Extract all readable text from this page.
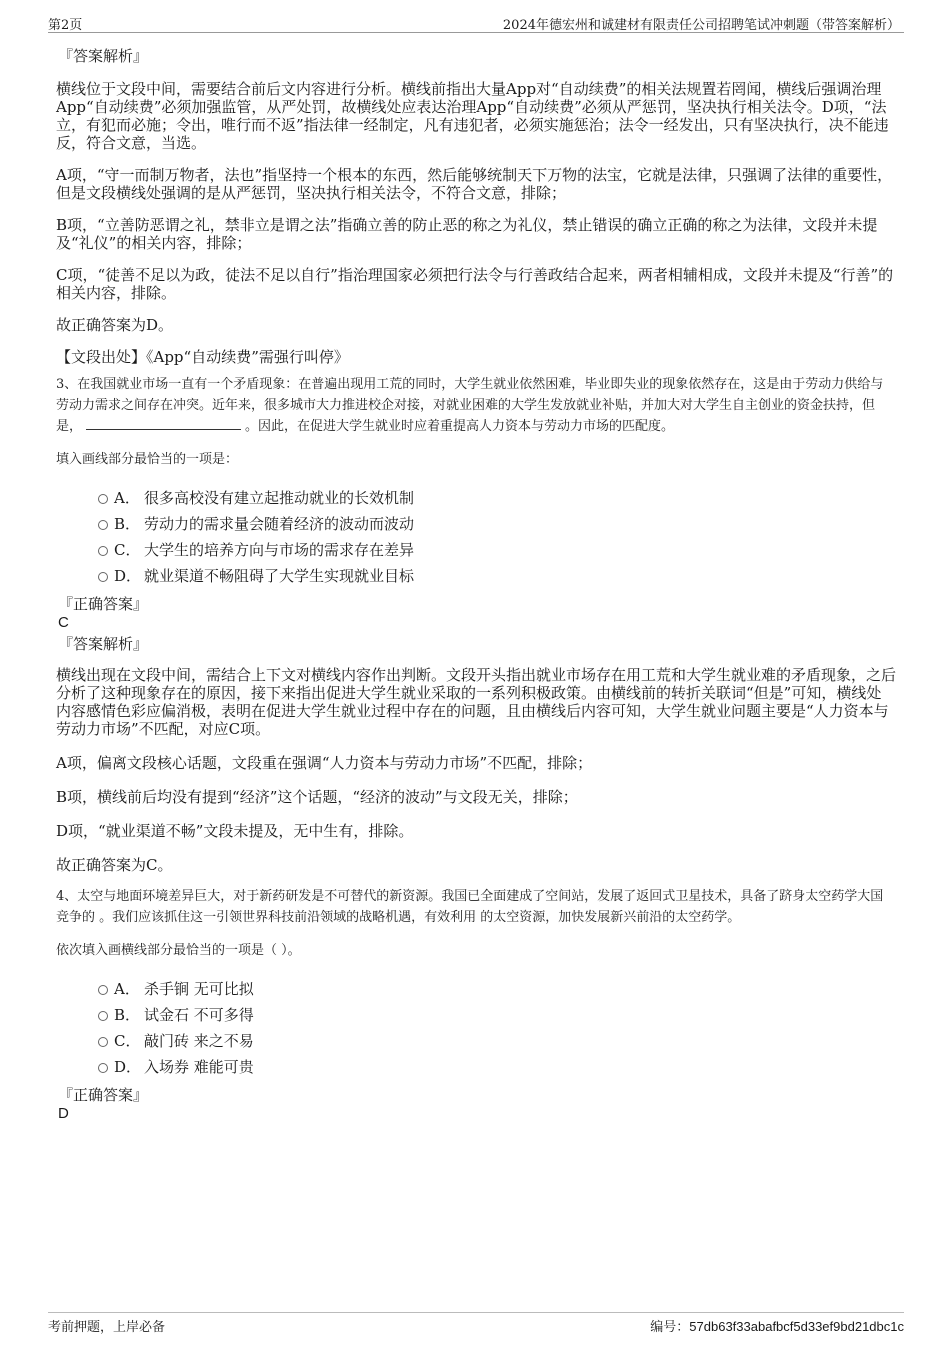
第2页	2024年德宏州和诚建材有限责任公司招聘笔试冲刺题（带答案解析）
『答案解析』

横线位于文段中间，需要结合前后文内容进行分析。横线前指出大量App对“自动续费”的相关法规置若罔闻，横线后强调治理App“自动续费”必须加强监管，从严处罚，故横线处应表达治理App“自动续费”必须从严惩罚，坚决执行相关法令。D项，“法立，有犯而必施；令出，唯行而不返”指法律一经制定，凡有违犯者，必须实施惩治；法令一经发出，只有坚决执行，决不能违反，符合文意，当选。

A项，“守一而制万物者，法也”指坚持一个根本的东西，然后能够统制天下万物的法宝，它就是法律，只强调了法律的重要性，但是文段横线处强调的是从严惩罚，坚决执行相关法令，不符合文意，排除；

B项，“立善防恶谓之礼，禁非立是谓之法”指确立善的防止恶的称之为礼仪，禁止错误的确立正确的称之为法律，文段并未提及“礼仪”的相关内容，排除；

C项，“徒善不足以为政，徒法不足以自行”指治理国家必须把行法令与行善政结合起来，两者相辅相成，文段并未提及“行善”的相关内容，排除。

故正确答案为D。

【文段出处】《App“自动续费”需强行叫停》

3、在我国就业市场一直有一个矛盾现象：在普遍出现用工荒的同时，大学生就业依然困难，毕业即失业的现象依然存在，这是由于劳动力供给与劳动力需求之间存在冲突。近年来，很多城市大力推进校企对接，对就业困难的大学生发放就业补贴，并加大对大学生自主创业的资金扶持，但是，	。因此，在促进大学生就业时应着重提高人力资本与劳动力市场的匹配度。

填入画线部分最恰当的一项是：

A． 很多高校没有建立起推动就业的长效机制
B． 劳动力的需求量会随着经济的波动而波动
C． 大学生的培养方向与市场的需求存在差异
D． 就业渠道不畅阻碍了大学生实现就业目标
『正确答案』
C
『答案解析』

横线出现在文段中间，需结合上下文对横线内容作出判断。文段开头指出就业市场存在用工荒和大学生就业难的矛盾现象，之后分析了这种现象存在的原因，接下来指出促进大学生就业采取的一系列积极政策。由横线前的转折关联词“但是”可知，横线处内容感情色彩应偏消极，表明在促进大学生就业过程中存在的问题，且由横线后内容可知，大学生就业问题主要是“人力资本与劳动力市场”不匹配，对应C项。

A项，偏离文段核心话题，文段重在强调“人力资本与劳动力市场”不匹配，排除；

B项，横线前后均没有提到“经济”这个话题，“经济的波动”与文段无关，排除；

D项，“就业渠道不畅”文段未提及，无中生有，排除。

故正确答案为C。

4、太空与地面环境差异巨大，对于新药研发是不可替代的新资源。我国已全面建成了空间站，发展了返回式卫星技术，具备了跻身太空药学大国竞争的 。我们应该抓住这一引领世界科技前沿领域的战略机遇，有效利用 的太空资源，加快发展新兴前沿的太空药学。

依次填入画横线部分最恰当的一项是（ ）。

A． 杀手锏 无可比拟
B． 试金石 不可多得
C． 敲门砖 来之不易
D． 入场券 难能可贵
『正确答案』
D
考前押题，上岸必备	编号：57db63f33abafbcf5d33ef9bd21dbc1c
